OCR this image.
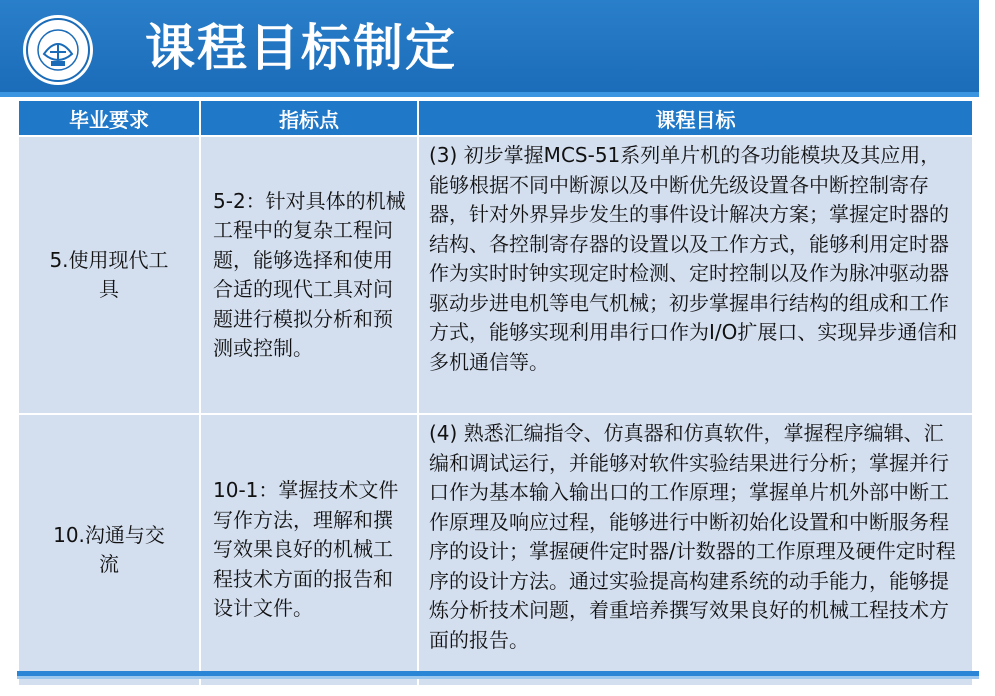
课程目标制定
毕业要求	指标点	课程目标
5.使用现代工具	5-2：针对具体的机械工程中的复杂工程问题，能够选择和使用合适的现代工具对问题进行模拟分析和预测或控制。	(3) 初步掌握MCS-51系列单片机的各功能模块及其应用，能够根据不同中断源以及中断优先级设置各中断控制寄存器，针对外界异步发生的事件设计解决方案；掌握定时器的结构、各控制寄存器的设置以及工作方式，能够利用定时器作为实时时钟实现定时检测、定时控制以及作为脉冲驱动器驱动步进电机等电气机械；初步掌握串行结构的组成和工作方式，能够实现利用串行口作为I/O扩展口、实现异步通信和多机通信等。
10.沟通与交流	10-1：掌握技术文件写作方法，理解和撰写效果良好的机械工程技术方面的报告和设计文件。	(4) 熟悉汇编指令、仿真器和仿真软件，掌握程序编辑、汇编和调试运行，并能够对软件实验结果进行分析；掌握并行口作为基本输入输出口的工作原理；掌握单片机外部中断工作原理及响应过程，能够进行中断初始化设置和中断服务程序的设计；掌握硬件定时器/计数器的工作原理及硬件定时程序的设计方法。通过实验提高构建系统的动手能力，能够提炼分析技术问题，着重培养撰写效果良好的机械工程技术方面的报告。
